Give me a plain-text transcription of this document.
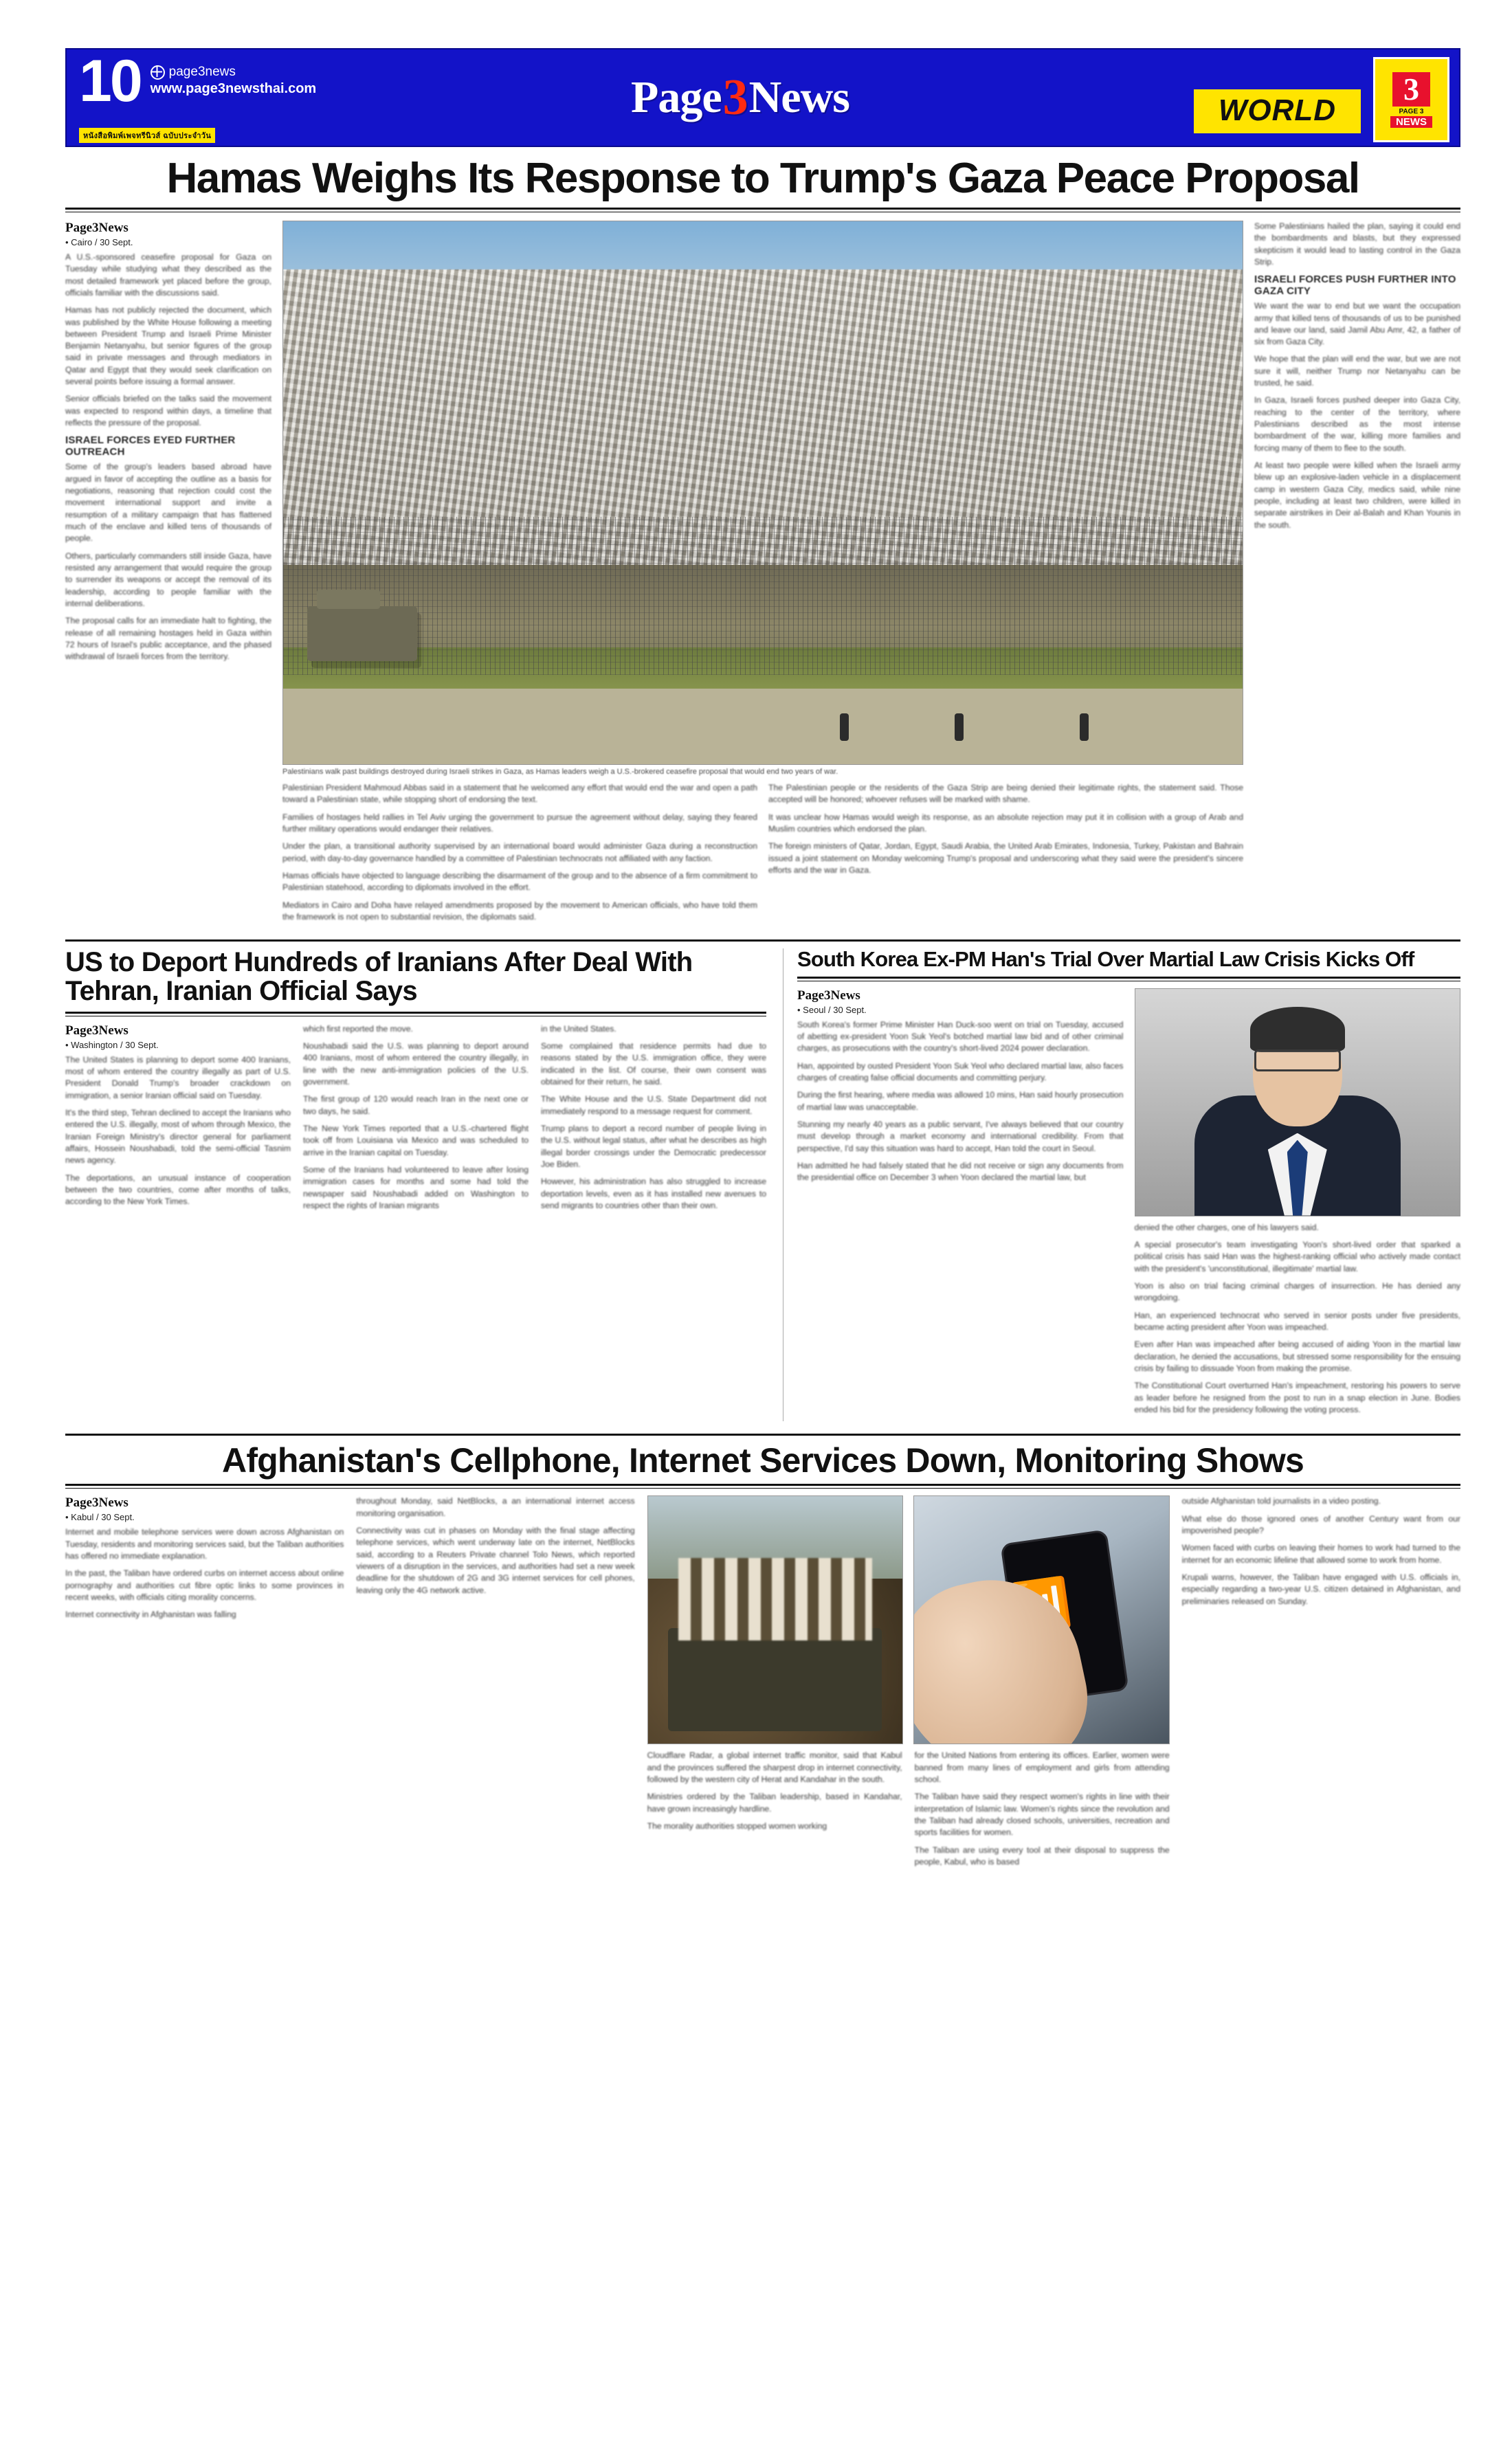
10 page3news
www.page3newsthai.com
หนังสือพิมพ์เพจทรีนิวส์ ฉบับประจำวัน
Page 3 News	WORLD
3
PAGE 3
NEWS
Hamas Weighs Its Response to Trump's Gaza Peace Proposal
Page3News
• Cairo / 30 Sept.

A U.S.-sponsored ceasefire proposal for Gaza on Tuesday while studying what they described as the most detailed framework yet placed before the group, officials familiar with the discussions said.

Hamas has not publicly rejected the document, which was published by the White House following a meeting between President Trump and Israeli Prime Minister Benjamin Netanyahu, but senior figures of the group said in private messages and through mediators in Qatar and Egypt that they would seek clarification on several points before issuing a formal answer.

Senior officials briefed on the talks said the movement was expected to respond within days, a timeline that reflects the pressure of the proposal.

ISRAEL FORCES EYED FURTHER OUTREACH

Some of the group's leaders based abroad have argued in favor of accepting the outline as a basis for negotiations, reasoning that rejection could cost the movement international support and invite a resumption of a military campaign that has flattened much of the enclave and killed tens of thousands of people.

Others, particularly commanders still inside Gaza, have resisted any arrangement that would require the group to surrender its weapons or accept the removal of its leadership, according to people familiar with the internal deliberations.

The proposal calls for an immediate halt to fighting, the release of all remaining hostages held in Gaza within 72 hours of Israel's public acceptance, and the phased withdrawal of Israeli forces from the territory.

Palestinians walk past buildings destroyed during Israeli strikes in Gaza, as Hamas leaders weigh a U.S.-brokered ceasefire proposal that would end two years of war.

Palestinian President Mahmoud Abbas said in a statement that he welcomed any effort that would end the war and open a path toward a Palestinian state, while stopping short of endorsing the text.

Families of hostages held rallies in Tel Aviv urging the government to pursue the agreement without delay, saying they feared further military operations would endanger their relatives.

Under the plan, a transitional authority supervised by an international board would administer Gaza during a reconstruction period, with day-to-day governance handled by a committee of Palestinian technocrats not affiliated with any faction.

Hamas officials have objected to language describing the disarmament of the group and to the absence of a firm commitment to Palestinian statehood, according to diplomats involved in the effort.

Mediators in Cairo and Doha have relayed amendments proposed by the movement to American officials, who have told them the framework is not open to substantial revision, the diplomats said.

The Palestinian people or the residents of the Gaza Strip are being denied their legitimate rights, the statement said. Those accepted will be honored; whoever refuses will be marked with shame.

It was unclear how Hamas would weigh its response, as an absolute rejection may put it in collision with a group of Arab and Muslim countries which endorsed the plan.

The foreign ministers of Qatar, Jordan, Egypt, Saudi Arabia, the United Arab Emirates, Indonesia, Turkey, Pakistan and Bahrain issued a joint statement on Monday welcoming Trump's proposal and underscoring what they said were the president's sincere efforts and the war in Gaza.

Some Palestinians hailed the plan, saying it could end the bombardments and blasts, but they expressed skepticism it would lead to lasting control in the Gaza Strip.

ISRAELI FORCES PUSH FURTHER INTO GAZA CITY

We want the war to end but we want the occupation army that killed tens of thousands of us to be punished and leave our land, said Jamil Abu Amr, 42, a father of six from Gaza City.

We hope that the plan will end the war, but we are not sure it will, neither Trump nor Netanyahu can be trusted, he said.

In Gaza, Israeli forces pushed deeper into Gaza City, reaching to the center of the territory, where Palestinians described as the most intense bombardment of the war, killing more families and forcing many of them to flee to the south.

At least two people were killed when the Israeli army blew up an explosive-laden vehicle in a displacement camp in western Gaza City, medics said, while nine people, including at least two children, were killed in separate airstrikes in Deir al-Balah and Khan Younis in the south.

US to Deport Hundreds of Iranians After Deal With Tehran, Iranian Official Says
Page3News
• Washington / 30 Sept.

The United States is planning to deport some 400 Iranians, most of whom entered the country illegally as part of U.S. President Donald Trump's broader crackdown on immigration, a senior Iranian official said on Tuesday.

It's the third step, Tehran declined to accept the Iranians who entered the U.S. illegally, most of whom through Mexico, the Iranian Foreign Ministry's director general for parliament affairs, Hossein Noushabadi, told the semi-official Tasnim news agency.

The deportations, an unusual instance of cooperation between the two countries, come after months of talks, according to the New York Times.

which first reported the move.

Noushabadi said the U.S. was planning to deport around 400 Iranians, most of whom entered the country illegally, in line with the new anti-immigration policies of the U.S. government.

The first group of 120 would reach Iran in the next one or two days, he said.

The New York Times reported that a U.S.-chartered flight took off from Louisiana via Mexico and was scheduled to arrive in the Iranian capital on Tuesday.

Some of the Iranians had volunteered to leave after losing immigration cases for months and some had told the newspaper said Noushabadi added on Washington to respect the rights of Iranian migrants

in the United States.

Some complained that residence permits had due to reasons stated by the U.S. immigration office, they were indicated in the list. Of course, their own consent was obtained for their return, he said.

The White House and the U.S. State Department did not immediately respond to a message request for comment.

Trump plans to deport a record number of people living in the U.S. without legal status, after what he describes as high illegal border crossings under the Democratic predecessor Joe Biden.

However, his administration has also struggled to increase deportation levels, even as it has installed new avenues to send migrants to countries other than their own.

South Korea Ex-PM Han's Trial Over Martial Law Crisis Kicks Off
Page3News
• Seoul / 30 Sept.

South Korea's former Prime Minister Han Duck-soo went on trial on Tuesday, accused of abetting ex-president Yoon Suk Yeol's botched martial law bid and of other criminal charges, as prosecutions with the country's short-lived 2024 power declaration.

Han, appointed by ousted President Yoon Suk Yeol who declared martial law, also faces charges of creating false official documents and committing perjury.

During the first hearing, where media was allowed 10 mins, Han said hourly prosecution of martial law was unacceptable.

Stunning my nearly 40 years as a public servant, I've always believed that our country must develop through a market economy and international credibility. From that perspective, I'd say this situation was hard to accept, Han told the court in Seoul.

Han admitted he had falsely stated that he did not receive or sign any documents from the presidential office on December 3 when Yoon declared the martial law, but

denied the other charges, one of his lawyers said.

A special prosecutor's team investigating Yoon's short-lived order that sparked a political crisis has said Han was the highest-ranking official who actively made contact with the president's 'unconstitutional, illegitimate' martial law.

Yoon is also on trial facing criminal charges of insurrection. He has denied any wrongdoing.

Han, an experienced technocrat who served in senior posts under five presidents, became acting president after Yoon was impeached.

Even after Han was impeached after being accused of aiding Yoon in the martial law declaration, he denied the accusations, but stressed some responsibility for the ensuing crisis by failing to dissuade Yoon from making the promise.

The Constitutional Court overturned Han's impeachment, restoring his powers to serve as leader before he resigned from the post to run in a snap election in June. Bodies ended his bid for the presidency following the voting process.

Afghanistan's Cellphone, Internet Services Down, Monitoring Shows
Page3News
• Kabul / 30 Sept.

Internet and mobile telephone services were down across Afghanistan on Tuesday, residents and monitoring services said, but the Taliban authorities has offered no immediate explanation.

In the past, the Taliban have ordered curbs on internet access about online pornography and authorities cut fibre optic links to some provinces in recent weeks, with officials citing morality concerns.

Internet connectivity in Afghanistan was falling

throughout Monday, said NetBlocks, a an international internet access monitoring organisation.

Connectivity was cut in phases on Monday with the final stage affecting telephone services, which went underway late on the internet, NetBlocks said, according to a Reuters Private channel Tolo News, which reported viewers of a disruption in the services, and authorities had set a new week deadline for the shutdown of 2G and 3G internet services for cell phones, leaving only the 4G network active.

Cloudflare Radar, a global internet traffic monitor, said that Kabul and the provinces suffered the sharpest drop in internet connectivity, followed by the western city of Herat and Kandahar in the south.

Ministries ordered by the Taliban leadership, based in Kandahar, have grown increasingly hardline.

The morality authorities stopped women working

for the United Nations from entering its offices. Earlier, women were banned from many lines of employment and girls from attending school.

The Taliban have said they respect women's rights in line with their interpretation of Islamic law. Women's rights since the revolution and the Taliban had already closed schools, universities, recreation and sports facilities for women.

The Taliban are using every tool at their disposal to suppress the people, Kabul, who is based

outside Afghanistan told journalists in a video posting.

What else do those ignored ones of another Century want from our impoverished people?

Women faced with curbs on leaving their homes to work had turned to the internet for an economic lifeline that allowed some to work from home.

Krupali warns, however, the Taliban have engaged with U.S. officials in, especially regarding a two-year U.S. citizen detained in Afghanistan, and preliminaries released on Sunday.
